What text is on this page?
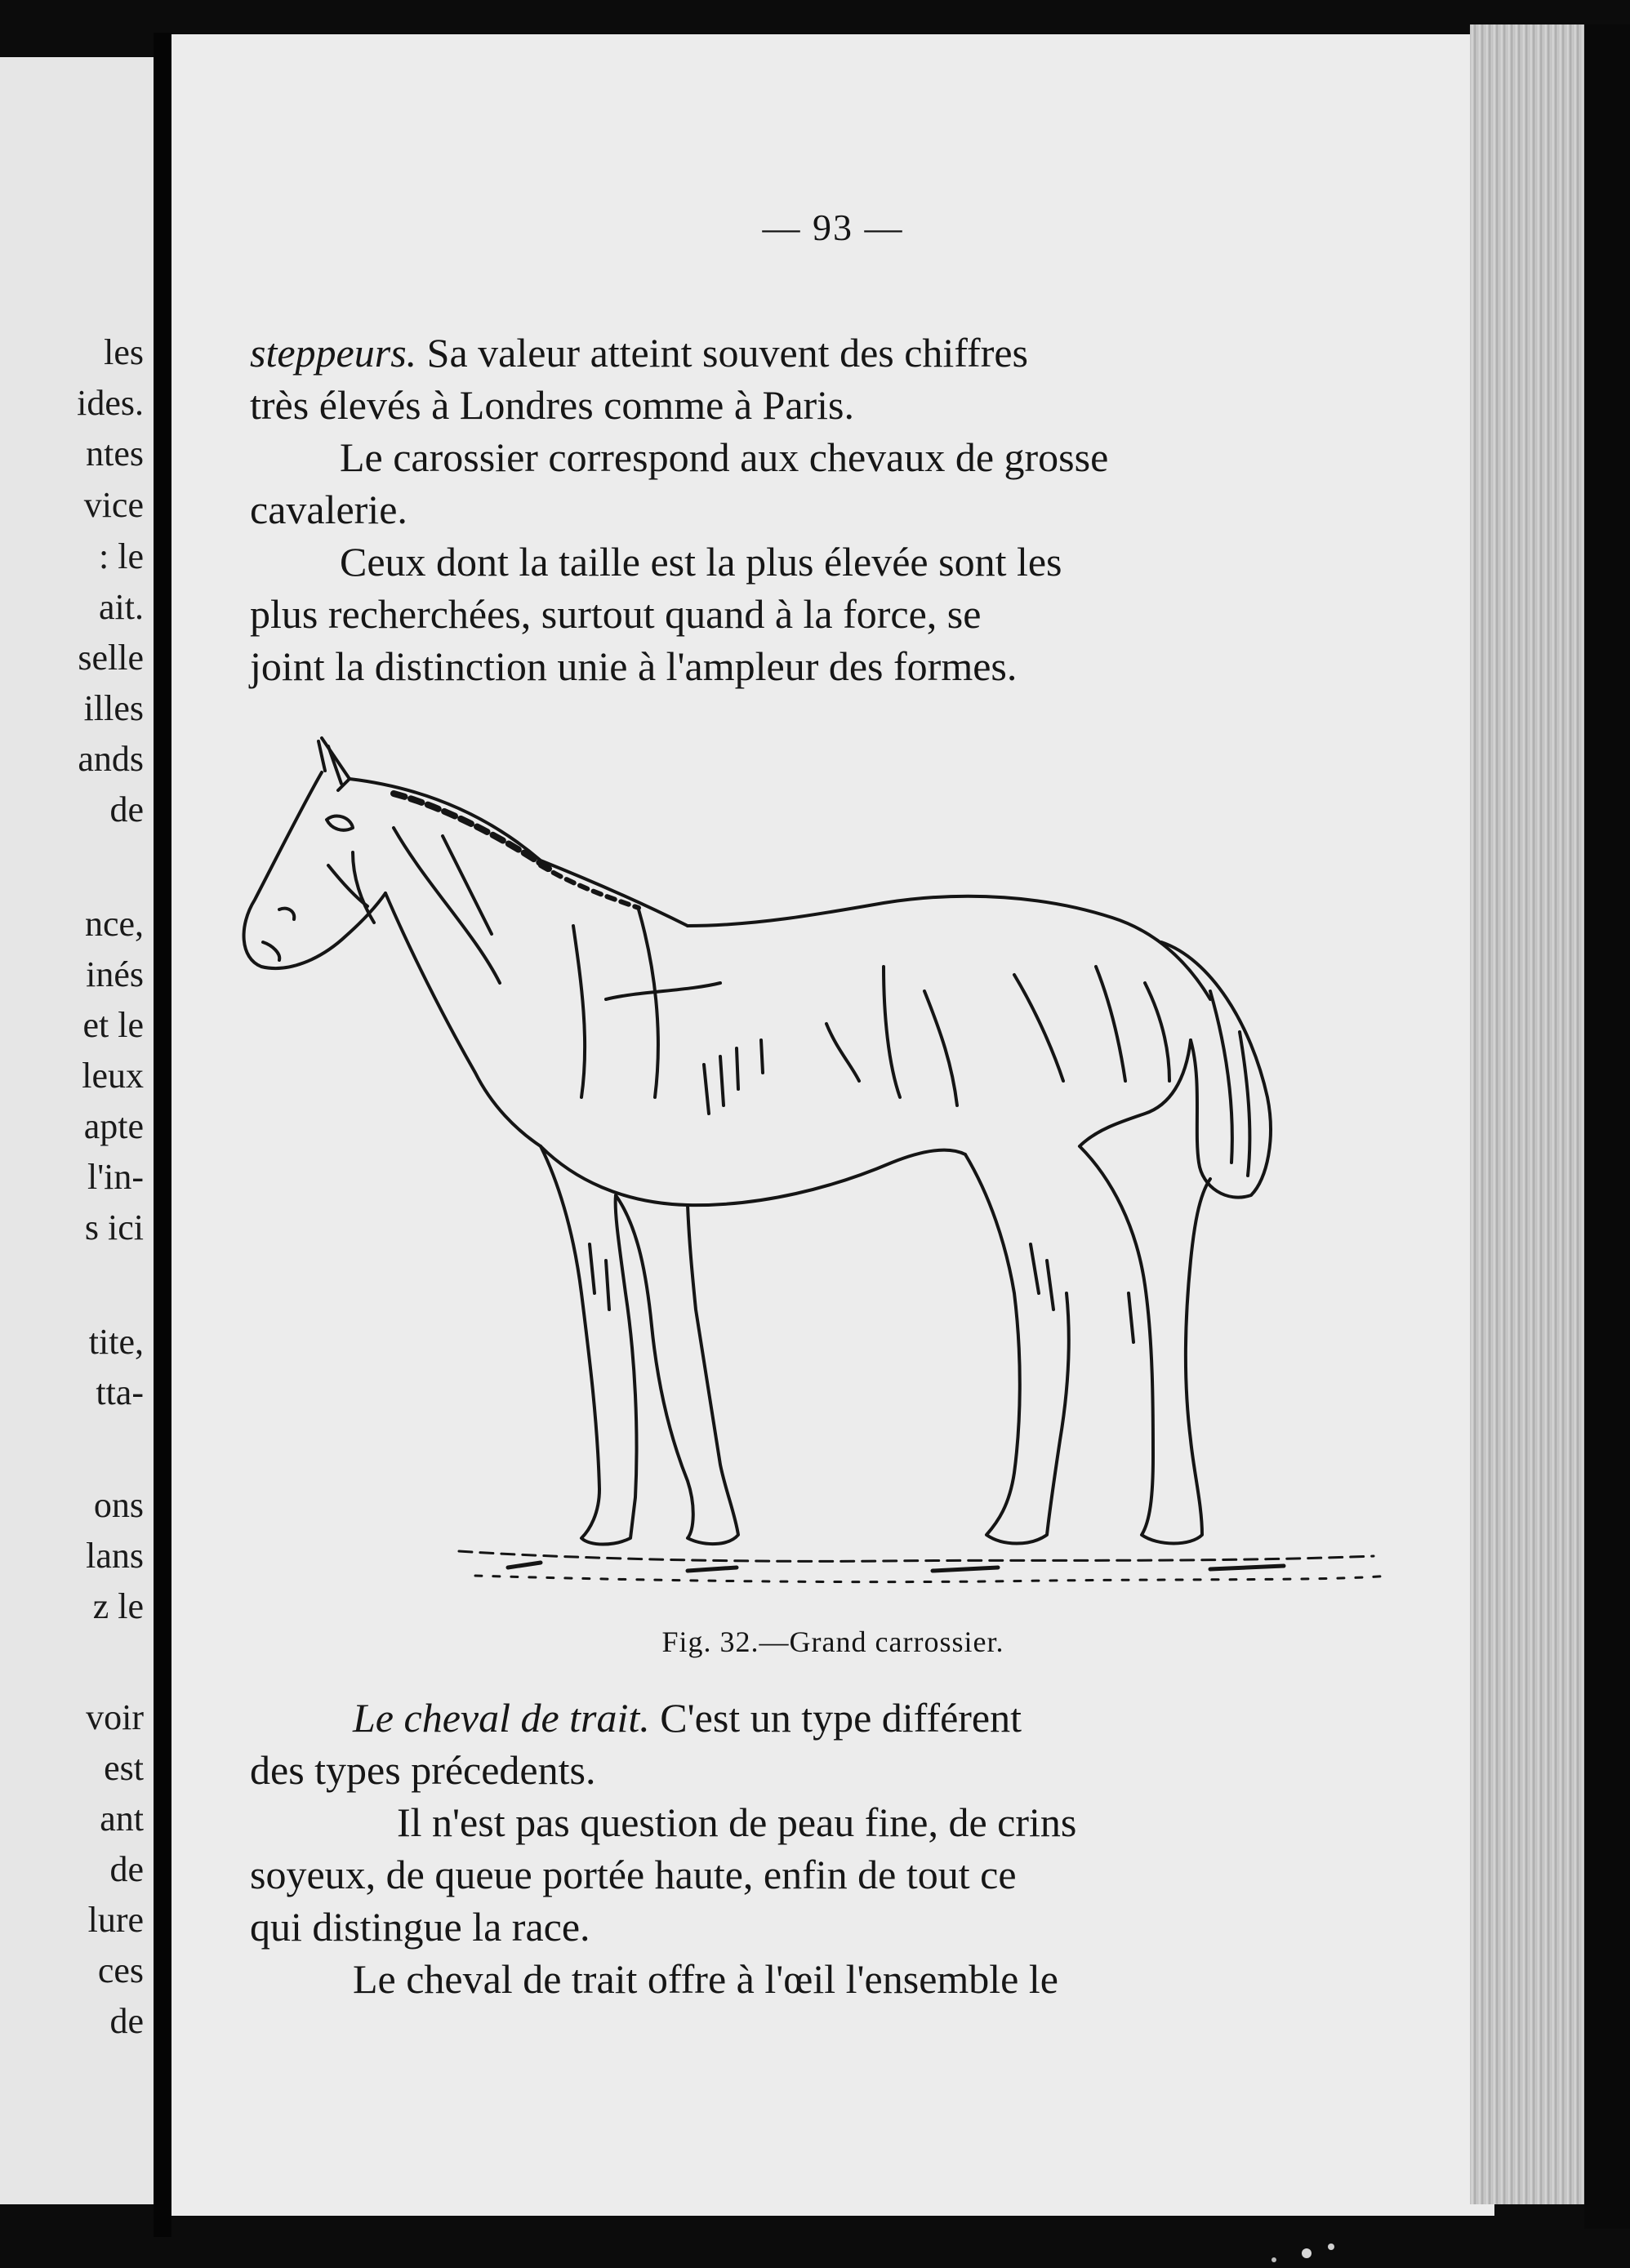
les
ides.
ntes
vice
: le
ait.
selle
illes
ands
de
nce,
inés
et le
leux
apte
l'in-
s ici
tite,
tta-
ons
lans
z le
voir
est
ant
de
lure
ces
de
— 93 —
steppeurs. Sa valeur atteint souvent des chiffres
très élevés à Londres comme à Paris.
Le carossier correspond aux chevaux de grosse
cavalerie.
Ceux dont la taille est la plus élevée sont les
plus recherchées, surtout quand à la force, se
joint la distinction unie à l'ampleur des formes.
Fig. 32.—Grand carrossier.
Le cheval de trait. C'est un type différent
des types précedents.
Il n'est pas question de peau fine, de crins
soyeux, de queue portée haute, enfin de tout ce
qui distingue la race.
Le cheval de trait offre à l'œil l'ensemble le
